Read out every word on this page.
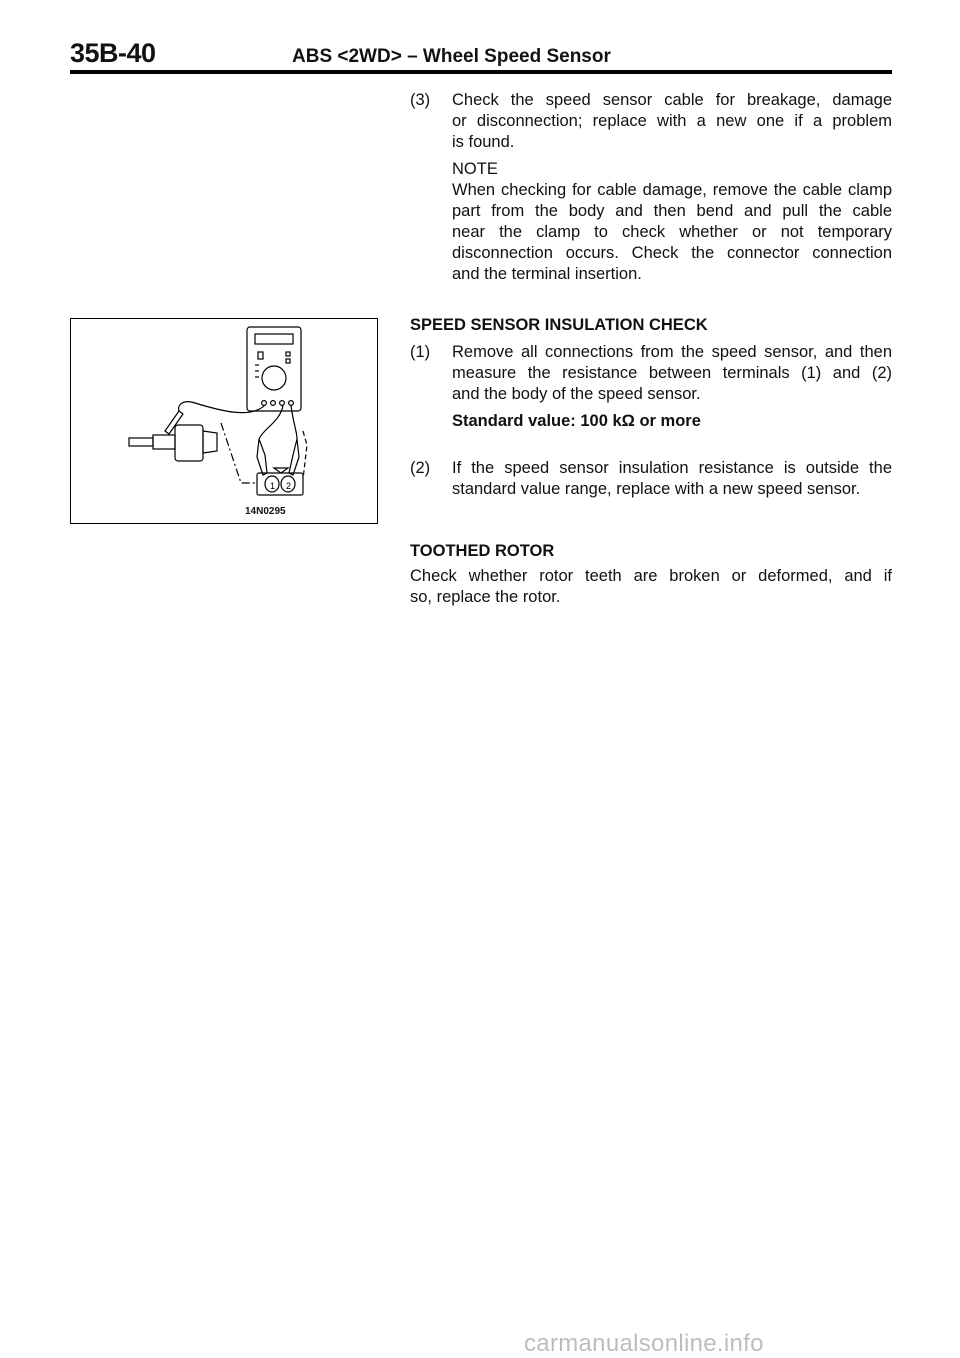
35B-40	ABS <2WD> – Wheel Speed Sensor
(3) Check the speed sensor cable for breakage, damage
or disconnection; replace with a new one if a problem
is found.
NOTE
When checking for cable damage, remove the cable clamp
part from the body and then bend and pull the cable
near the clamp to check whether or not temporary
disconnection occurs. Check the connector connection
and the terminal insertion.
SPEED SENSOR INSULATION CHECK
(1) Remove all connections from the speed sensor, and then
measure the resistance between terminals (1) and (2)
and the body of the speed sensor.
Standard value: 100 kΩ or more
(2) If the speed sensor insulation resistance is outside the
standard value range, replace with a new speed sensor.
1 2
14N0295
TOOTHED ROTOR
Check whether rotor teeth are broken or deformed, and if
so, replace the rotor.
carmanualsonline.info
